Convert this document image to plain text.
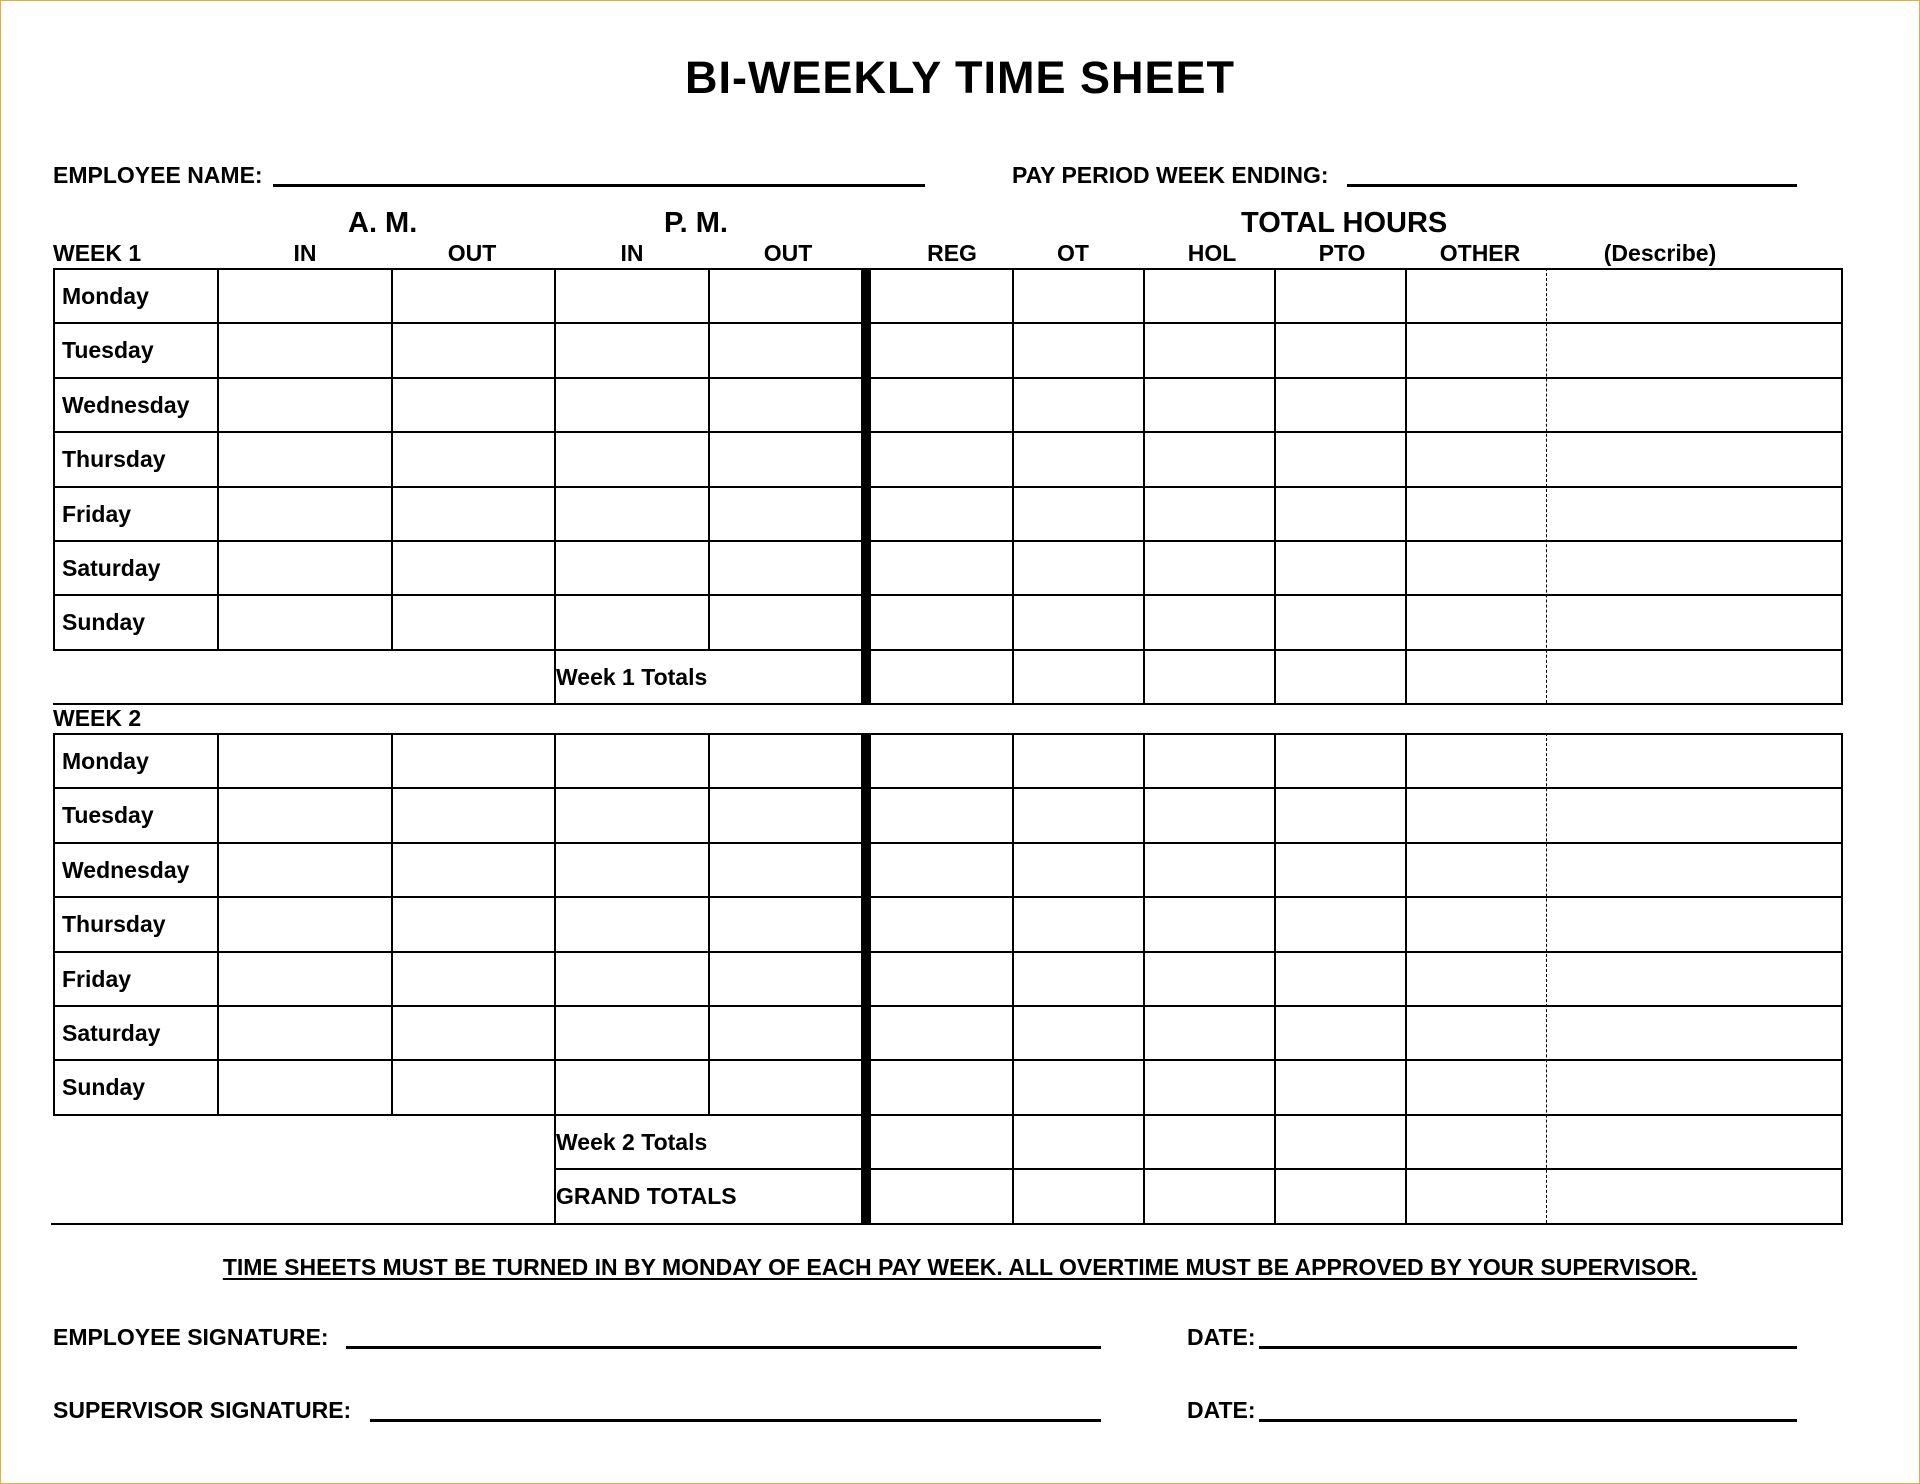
BI-WEEKLY TIME SHEET
EMPLOYEE NAME:	PAY PERIOD WEEK ENDING:
A. M.	P. M.	TOTAL HOURS
WEEK 1	IN	OUT	IN	OUT	REG	OT	HOL	PTO	OTHER	(Describe)
Monday
Tuesday
Wednesday
Thursday
Friday
Saturday
Sunday
Week 1 Totals
WEEK 2
Monday
Tuesday
Wednesday
Thursday
Friday
Saturday
Sunday
Week 2 Totals
GRAND TOTALS
TIME SHEETS MUST BE TURNED IN BY MONDAY OF EACH PAY WEEK. ALL OVERTIME MUST BE APPROVED BY YOUR SUPERVISOR.
EMPLOYEE SIGNATURE:	DATE:
SUPERVISOR SIGNATURE:	DATE:
